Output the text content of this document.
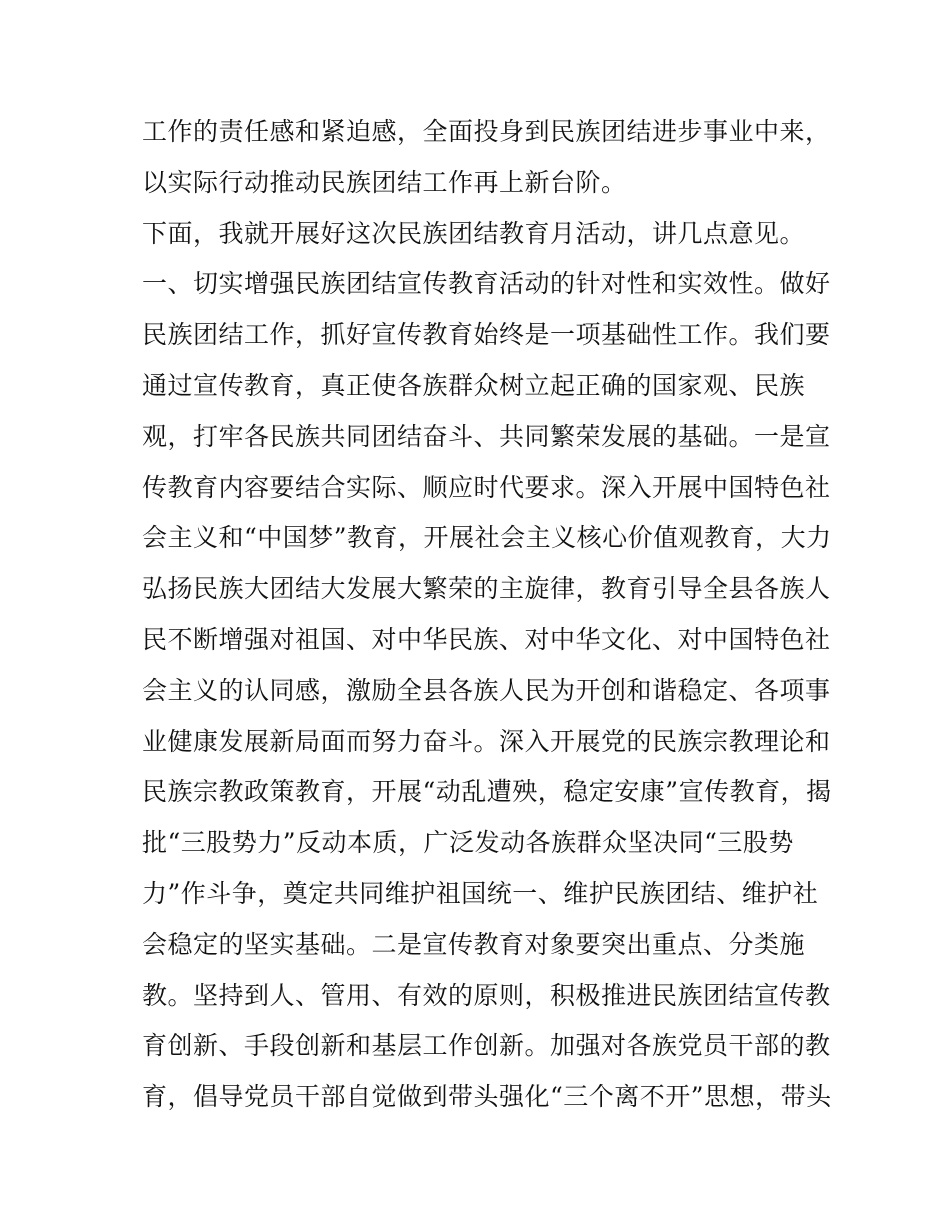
工作的责任感和紧迫感，全面投身到民族团结进步事业中来，
以实际行动推动民族团结工作再上新台阶。
下面，我就开展好这次民族团结教育月活动，讲几点意见。
一、切实增强民族团结宣传教育活动的针对性和实效性。做好
民族团结工作，抓好宣传教育始终是一项基础性工作。我们要
通过宣传教育，真正使各族群众树立起正确的国家观、民族
观，打牢各民族共同团结奋斗、共同繁荣发展的基础。一是宣
传教育内容要结合实际、顺应时代要求。深入开展中国特色社
会主义和“中国梦”教育，开展社会主义核心价值观教育，大力
弘扬民族大团结大发展大繁荣的主旋律，教育引导全县各族人
民不断增强对祖国、对中华民族、对中华文化、对中国特色社
会主义的认同感，激励全县各族人民为开创和谐稳定、各项事
业健康发展新局面而努力奋斗。深入开展党的民族宗教理论和
民族宗教政策教育，开展“动乱遭殃，稳定安康”宣传教育，揭
批“三股势力”反动本质，广泛发动各族群众坚决同“三股势
力”作斗争，奠定共同维护祖国统一、维护民族团结、维护社
会稳定的坚实基础。二是宣传教育对象要突出重点、分类施
教。坚持到人、管用、有效的原则，积极推进民族团结宣传教
育创新、手段创新和基层工作创新。加强对各族党员干部的教
育，倡导党员干部自觉做到带头强化“三个离不开”思想，带头
